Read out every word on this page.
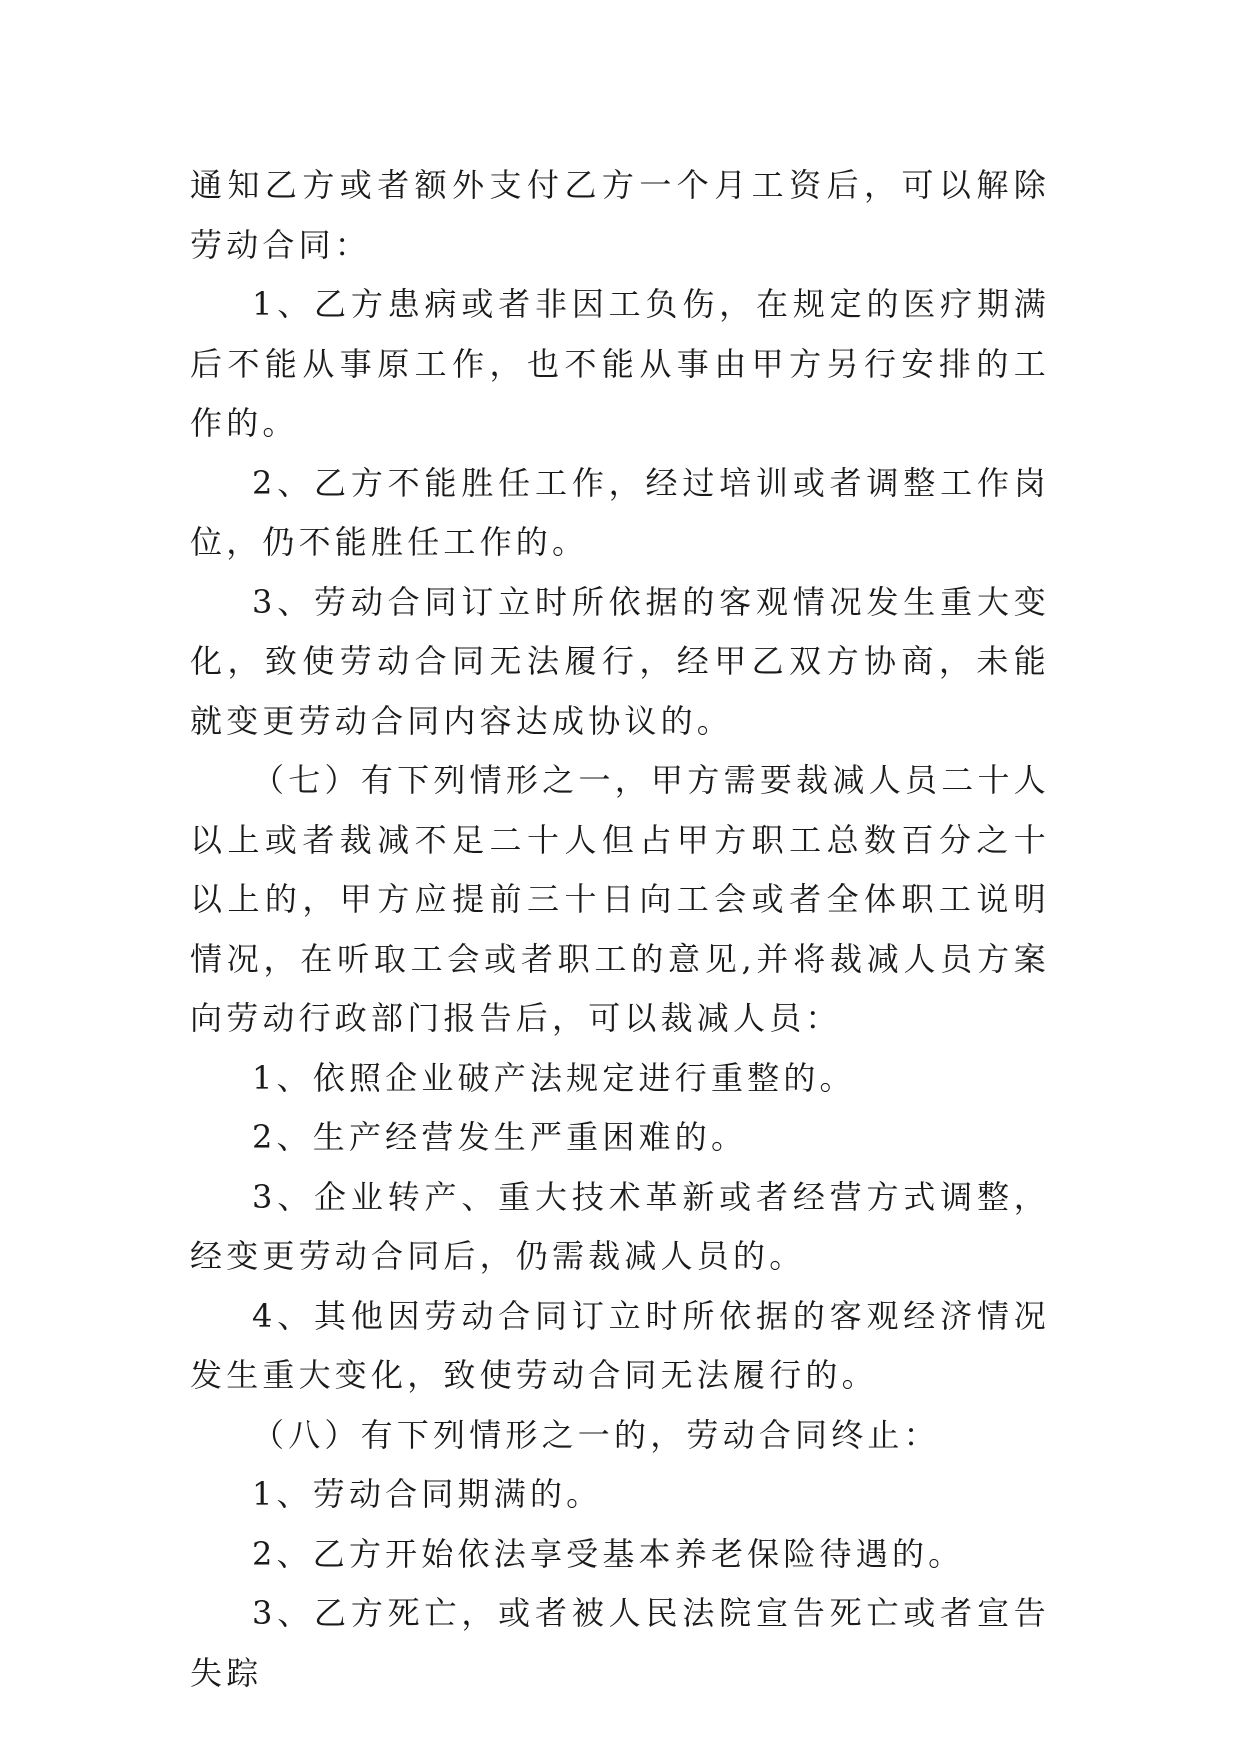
通知乙方或者额外支付乙方一个月工资后，可以解除劳动合同：

1、乙方患病或者非因工负伤，在规定的医疗期满后不能从事原工作，也不能从事由甲方另行安排的工作的。

2、乙方不能胜任工作，经过培训或者调整工作岗位，仍不能胜任工作的。

3、劳动合同订立时所依据的客观情况发生重大变化，致使劳动合同无法履行，经甲乙双方协商，未能就变更劳动合同内容达成协议的。

（七）有下列情形之一，甲方需要裁减人员二十人以上或者裁减不足二十人但占甲方职工总数百分之十以上的，甲方应提前三十日向工会或者全体职工说明情况，在听取工会或者职工的意见,并将裁减人员方案向劳动行政部门报告后，可以裁减人员：

1、依照企业破产法规定进行重整的。

2、生产经营发生严重困难的。

3、企业转产、重大技术革新或者经营方式调整，经变更劳动合同后，仍需裁减人员的。

4、其他因劳动合同订立时所依据的客观经济情况发生重大变化，致使劳动合同无法履行的。

（八）有下列情形之一的，劳动合同终止：

1、劳动合同期满的。

2、乙方开始依法享受基本养老保险待遇的。

3、乙方死亡，或者被人民法院宣告死亡或者宣告失踪
